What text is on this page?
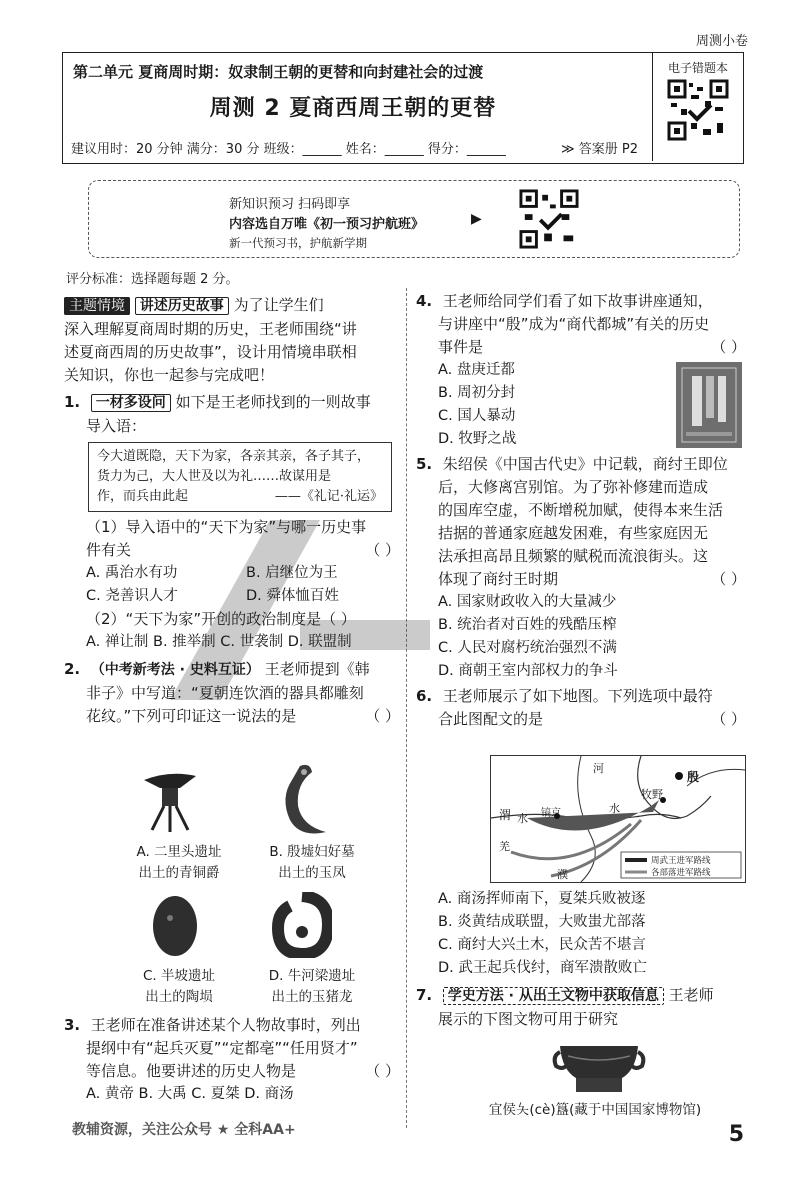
周测小卷
第二单元 夏商周时期：奴隶制王朝的更替和向封建社会的过渡
周测 2 夏商西周王朝的更替
建议用时：20 分钟 满分：30 分 班级：______ 姓名：______ 得分：______	≫ 答案册 P2
电子错题本
新知识预习 扫码即享
内容选自万唯《初一预习护航班》
新一代预习书，护航新学期
▶
评分标准：选择题每题 2 分。
主题情境 讲述历史故事 为了让学生们
深入理解夏商周时期的历史，王老师围绕“讲
述夏商西周的历史故事”，设计用情境串联相
关知识，你也一起参与完成吧！
1. 一材多设问 如下是王老师找到的一则故事
导入语：
今大道既隐，天下为家，各亲其亲，各子其子，
货力为己，大人世及以为礼……故谋用是
作，而兵由此起	——《礼记·礼运》
（1）导入语中的“天下为家”与哪一历史事
件有关	（ ）
A. 禹治水有功	B. 启继位为王
C. 尧善识人才	D. 舜体恤百姓
（2）“天下为家”开创的政治制度是（ ）
A. 禅让制 B. 推举制 C. 世袭制 D. 联盟制
2. （中考新考法 · 史料互证） 王老师提到《韩
非子》中写道：“夏朝连饮酒的器具都雕刻
花纹。”下列可印证这一说法的是	（ ）
A. 二里头遗址
出土的青铜爵
B. 殷墟妇好墓
出土的玉凤
C. 半坡遗址
出土的陶埙
D. 牛河梁遗址
出土的玉猪龙
3. 王老师在准备讲述某个人物故事时，列出
提纲中有“起兵灭夏”“定都亳”“任用贤才”
等信息。他要讲述的历史人物是	（ ）
A. 黄帝 B. 大禹 C. 夏桀 D. 商汤
4. 王老师给同学们看了如下故事讲座通知，
与讲座中“殷”成为“商代都城”有关的历史
事件是	（ ）
A. 盘庚迁都
B. 周初分封
C. 国人暴动
D. 牧野之战
5. 朱绍侯《中国古代史》中记载，商纣王即位
后，大修离宫别馆。为了弥补修建而造成
的国库空虚，不断增税加赋，使得本来生活
拮据的普通家庭越发困难，有些家庭因无
法承担高昂且频繁的赋税而流浪街头。这
体现了商纣王时期	（ ）
A. 国家财政收入的大量减少
B. 统治者对百姓的残酷压榨
C. 人民对腐朽统治强烈不满
D. 商朝王室内部权力的争斗
6. 王老师展示了如下地图。下列选项中最符
合此图配文的是	（ ）
河
水
殷
牧野
镐京
渭 水
羌
濮
周武王进军路线
各部落进军路线
A. 商汤挥师南下，夏桀兵败被逐
B. 炎黄结成联盟，大败蚩尤部落
C. 商纣大兴土木，民众苦不堪言
D. 武王起兵伐纣，商军溃散败亡
7. 学史方法 · 从出土文物中获取信息 王老师
展示的下图文物可用于研究
宜侯夨(cè)簋(藏于中国国家博物馆)
教辅资源，关注公众号 ★ 全科AA+	5
